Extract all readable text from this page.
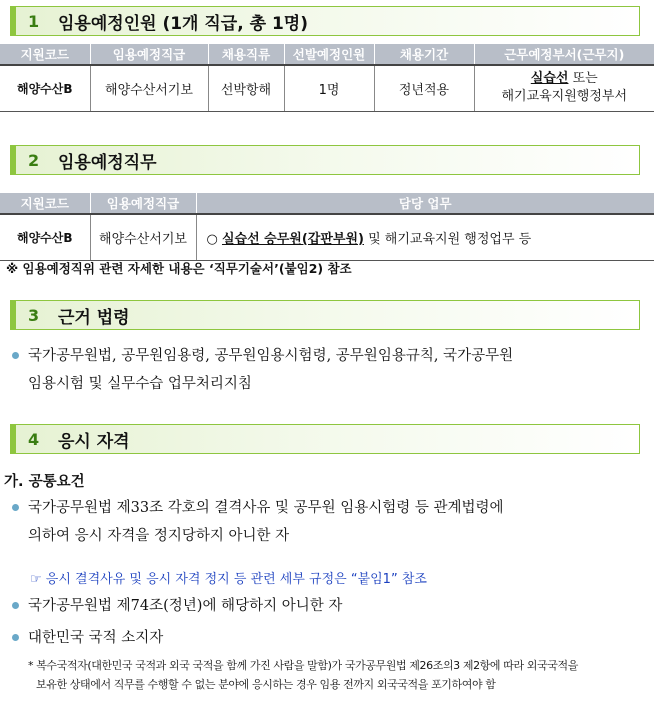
1	임용예정인원 (1개 직급, 총 1명)
지원코드	임용예정직급	채용직류	선발예정인원	채용기간	근무예정부서(근무지)
해양수산B	해양수산서기보	선박항해	1명	정년적용	실습선 또는
해기교육지원행정부서
2	임용예정직무
지원코드	임용예정직급	담당 업무
해양수산B	해양수산서기보	○ 실습선 승무원(갑판부원) 및 해기교육지원 행정업무 등
※ 임용예정직위 관련 자세한 내용은 ‘직무기술서’(붙임2) 참조
3	근거 법령
국가공무원법, 공무원임용령, 공무원임용시험령, 공무원임용규칙, 국가공무원
임용시험 및 실무수습 업무처리지침
4	응시 자격
가. 공통요건
국가공무원법 제33조 각호의 결격사유 및 공무원 임용시험령 등 관계법령에
의하여 응시 자격을 정지당하지 아니한 자
☞ 응시 결격사유 및 응시 자격 정지 등 관련 세부 규정은 “붙임1” 참조
국가공무원법 제74조(정년)에 해당하지 아니한 자
대한민국 국적 소지자
* 복수국적자(대한민국 국적과 외국 국적을 함께 가진 사람을 말함)가 국가공무원법 제26조의3 제2항에 따라 외국국적을
보유한 상태에서 직무를 수행할 수 없는 분야에 응시하는 경우 임용 전까지 외국국적을 포기하여야 함
